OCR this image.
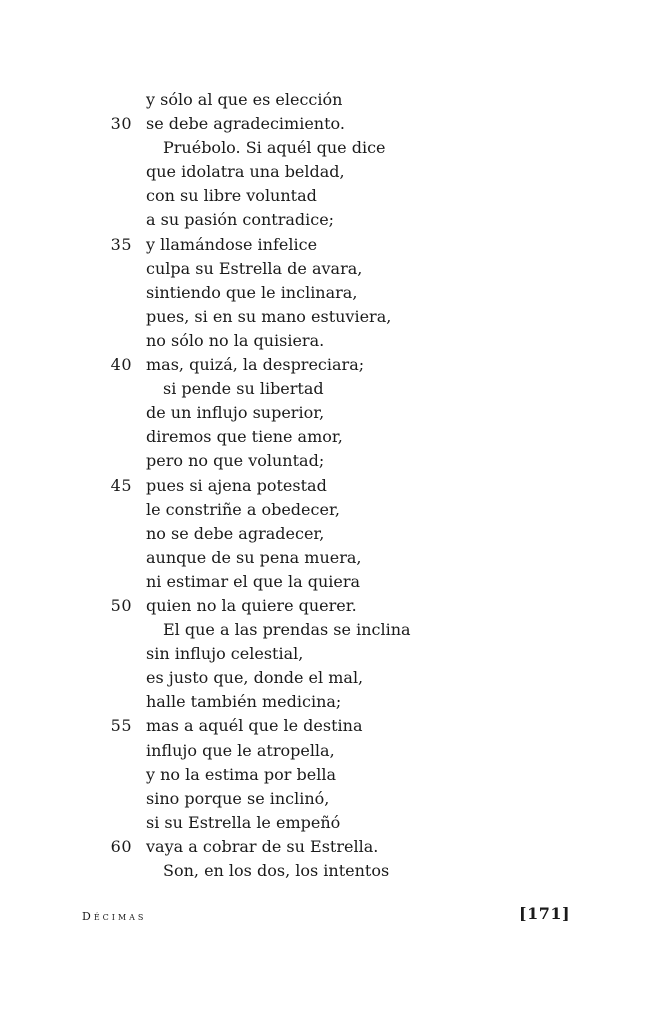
y sólo al que es elección
30 se debe agradecimiento.
Pruébolo. Si aquél que dice
que idolatra una beldad,
con su libre voluntad
a su pasión contradice;
35 y llamándose infelice
culpa su Estrella de avara,
sintiendo que le inclinara,
pues, si en su mano estuviera,
no sólo no la quisiera.
40 mas, quizá, la despreciara;
si pende su libertad
de un influjo superior,
diremos que tiene amor,
pero no que voluntad;
45 pues si ajena potestad
le constriñe a obedecer,
no se debe agradecer,
aunque de su pena muera,
ni estimar el que la quiera
50 quien no la quiere querer.
El que a las prendas se inclina
sin influjo celestial,
es justo que, donde el mal,
halle también medicina;
55 mas a aquél que le destina
influjo que le atropella,
y no la estima por bella
sino porque se inclinó,
si su Estrella le empeñó
60 vaya a cobrar de su Estrella.
Son, en los dos, los intentos
Décimas	[171]
